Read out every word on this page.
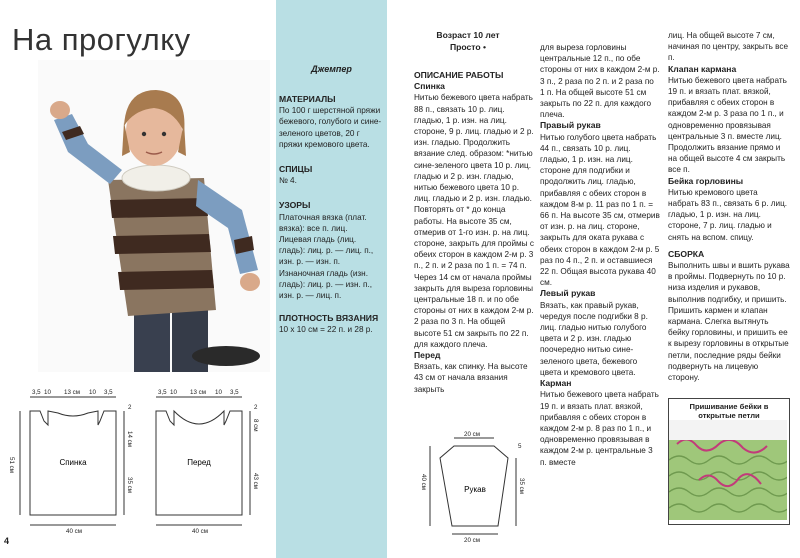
На прогулку
Джемпер

МАТЕРИАЛЫ

По 100 г шерстяной пряжи бежевого, голубого и сине-зеленого цветов, 20 г пряжи кремового цвета.

СПИЦЫ

№ 4.

УЗОРЫ

Платочная вязка (плат. вязка): все п. лиц.

Лицевая гладь (лиц. гладь): лиц. р. — лиц. п., изн. р. — изн. п.

Изнаночная гладь (изн. гладь): лиц. р. — изн. п., изн. р. — лиц. п.

ПЛОТНОСТЬ ВЯЗАНИЯ

10 х 10 см = 22 п. и 28 р.

Возраст 10 лет
Просто •

ОПИСАНИЕ РАБОТЫ

Спинка

Нитью бежевого цвета набрать 88 п., связать 10 р. лиц. гладью, 1 р. изн. на лиц. стороне, 9 р. лиц. гладью и 2 р. изн. гладью. Продолжить вязание след. образом: *нитью сине-зеленого цвета 10 р. лиц. гладью и 2 р. изн. гладью, нитью бежевого цвета 10 р. лиц. гладью и 2 р. изн. гладью. Повторять от * до конца работы. На высоте 35 см, отмерив от 1-го изн. р. на лиц. стороне, закрыть для проймы с обеих сторон в каждом 2-м р. 3 п., 2 п. и 2 раза по 1 п. = 74 п. Через 14 см от начала проймы закрыть для выреза горловины центральные 18 п. и по обе стороны от них в каждом 2-м р. 2 раза по 3 п. На общей высоте 51 см закрыть по 22 п. для каждого плеча.

Перед

Вязать, как спинку. На высоте 43 см от начала вязания закрыть

для выреза горловины центральные 12 п., по обе стороны от них в каждом 2-м р. 3 п., 2 раза по 2 п. и 2 раза по 1 п. На общей высоте 51 см закрыть по 22 п. для каждого плеча.

Правый рукав

Нитью голубого цвета набрать 44 п., связать 10 р. лиц. гладью, 1 р. изн. на лиц. стороне для подгибки и продолжить лиц. гладью, прибавляя с обеих сторон в каждом 8-м р. 11 раз по 1 п. = 66 п. На высоте 35 см, отмерив от изн. р. на лиц. стороне, закрыть для оката рукава с обеих сторон в каждом 2-м р. 5 раз по 4 п., 2 п. и оставшиеся 22 п. Общая высота рукава 40 см.

Левый рукав

Вязать, как правый рукав, чередуя после подгибки 8 р. лиц. гладью нитью голубого цвета и 2 р. изн. гладью поочередно нитью сине-зеленого цвета, бежевого цвета и кремового цвета.

Карман

Нитью бежевого цвета набрать 19 п. и вязать плат. вязкой, прибавляя с обеих сторон в каждом 2-м р. 8 раз по 1 п., и одновременно провязывая в каждом 2-м р. центральные 3 п. вместе

лиц. На общей высоте 7 см, начиная по центру, закрыть все п.

Клапан кармана

Нитью бежевого цвета набрать 19 п. и вязать плат. вязкой, прибавляя с обеих сторон в каждом 2-м р. 3 раза по 1 п., и одновременно провязывая центральные 3 п. вместе лиц. Продолжить вязание прямо и на общей высоте 4 см закрыть все п.

Бейка горловины

Нитью кремового цвета набрать 83 п., связать 6 р. лиц. гладью, 1 р. изн. на лиц. стороне, 7 р. лиц. гладью и снять на вспом. спицу.

СБОРКА

Выполнить швы и вшить рукава в проймы. Подвернуть по 10 р. низа изделия и рукавов, выполнив подгибку, и пришить. Пришить кармен и клапан кармана. Слегка вытянуть бейку горловины, и пришить ее к вырезу горловины в открытые петли, последние ряды бейки подвернуть на лицевую сторону.

Пришивание бейки в открытые петли
Спинка
3,5 10 13 см 10 3,5
2
14 см
35 см
51 см
40 см
Перед
3,5 10 13 см 10 3,5
2
8 см
43 см
40 см
Рукав
20 см
5
35 см
40 см
20 см
4
